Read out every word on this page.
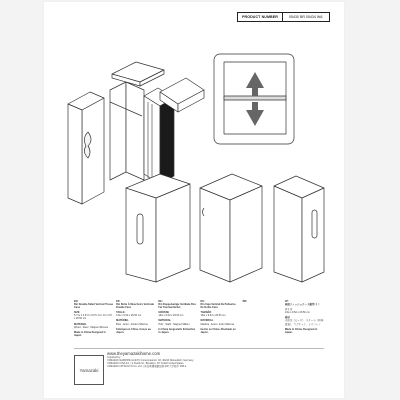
PRODUCT NUMBER	05430 BR 05434 WA
EN:
Rin Double-Sided Vertical Tissue Case
SIZE
5.7"w x 4.5"d x 9.2"h Cm: 10 x 6.5 x 26.5h cm
MATERIAL
Wood , Steel , Magnet Silicone
Made in China Designed in Japan
FR:
Rin Boîte À Mouchoirs Verticale Double Face
TAILLE
13w x 9.5d x 26.5h cm
MATÉRIEL
Bois , Acier , Aimant Silicone
Fabriqué en Chine. Conçu au Japon.
DE:
Rin Doppelseitige Vertikale Box Für Taschentücher
GRÖSSE
13w x 9.5d x 26.5h cm
MATERIAL
Holz , Stahl , Magnet Silikon
In China hergestellt. Entworfen in Japan.
ES:
Rin Caja Vertical De Pañuelos De Doble Cara
TAMAÑO
13w x 9.5d x 26.5h cm
MATERIAL
Madera , Acero ,Imán Silicona
Hecho en China. Diseñado en Japón.
BR:	JP:
両面ティッシュケース縦型 リン
サイズ
13w x 9.5d x 26.5h cm
素材
天然木（ビーチ）、スチール（粉体塗装）、マグネット、シリコーン
Made in China. Designed in Japan.
Yamazaki
www.theyamazakihome.com
Imported by:
YAMAZAKI EUROPE GmbH | Immermannstr. 33, 40210 Düsseldorf, Germany
YAMAZAKI USA Inc. | 2 Fields St., Brooklyn, NY 11222 United States
YAMAZAKI JITSUGYO Co.,Ltd. | 奈良県磯城郡田原本町大字阪手 468-2
